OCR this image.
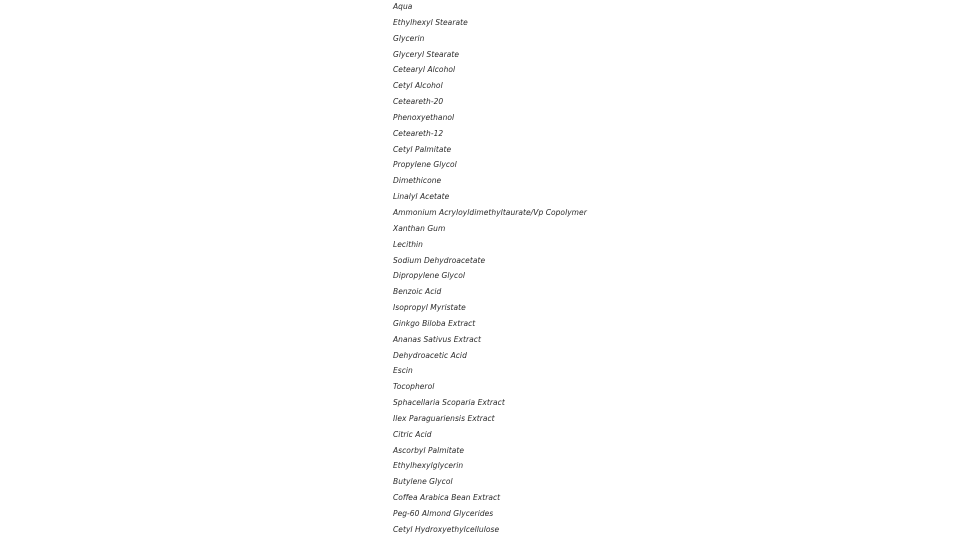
Aqua
Ethylhexyl Stearate
Glycerin
Glyceryl Stearate
Cetearyl Alcohol
Cetyl Alcohol
Ceteareth-20
Phenoxyethanol
Ceteareth-12
Cetyl Palmitate
Propylene Glycol
Dimethicone
Linalyl Acetate
Ammonium Acryloyldimethyltaurate/Vp Copolymer
Xanthan Gum
Lecithin
Sodium Dehydroacetate
Dipropylene Glycol
Benzoic Acid
Isopropyl Myristate
Ginkgo Biloba Extract
Ananas Sativus Extract
Dehydroacetic Acid
Escin
Tocopherol
Sphacellaria Scoparia Extract
Ilex Paraguariensis Extract
Citric Acid
Ascorbyl Palmitate
Ethylhexylglycerin
Butylene Glycol
Coffea Arabica Bean Extract
Peg-60 Almond Glycerides
Cetyl Hydroxyethylcellulose
